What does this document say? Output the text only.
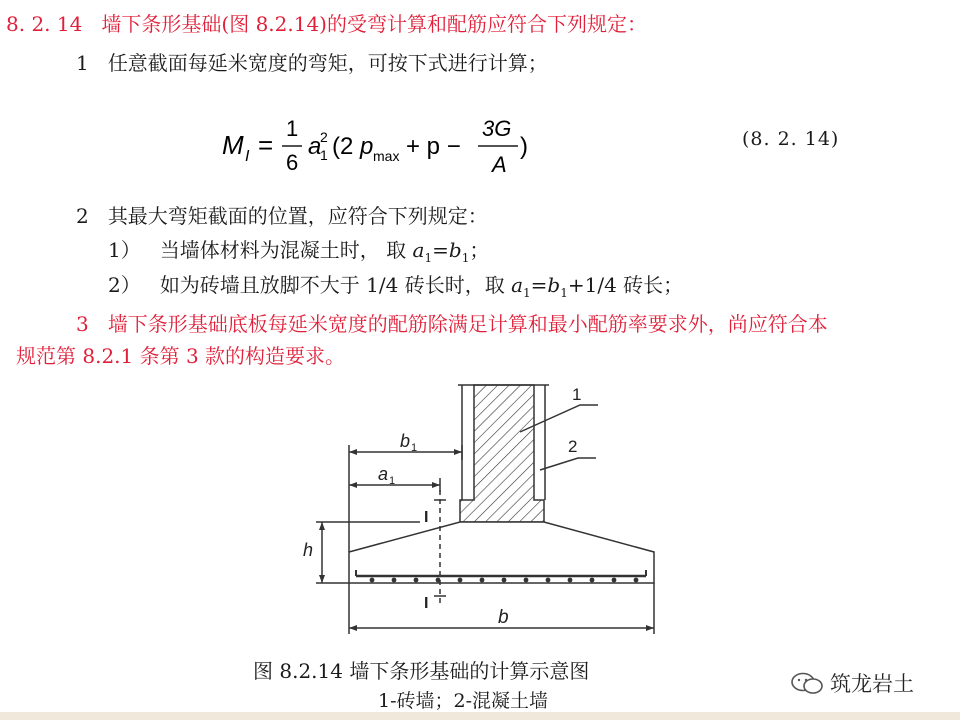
8. 2. 14 墙下条形基础(图 8.2.14)的受弯计算和配筋应符合下列规定：
1 任意截面每延米宽度的弯矩，可按下式进行计算；
M I =
1
6
a
2
1 (2 p max + p −
3G
A
)	(8. 2. 14)
2 其最大弯矩截面的位置，应符合下列规定：
1） 当墙体材料为混凝土时， 取 $a_1=b_1$；
2） 如为砖墙且放脚不大于 1/4 砖长时，取 $a_1=b_1+1/4$ 砖长；
3 墙下条形基础底板每延米宽度的配筋除满足计算和最小配筋率要求外，尚应符合本
规范第 8.2.1 条第 3 款的构造要求。
1
2
b 1
a 1
I
I
h
b
图 8.2.14 墙下条形基础的计算示意图
1-砖墙；2-混凝土墙
筑龙岩土
